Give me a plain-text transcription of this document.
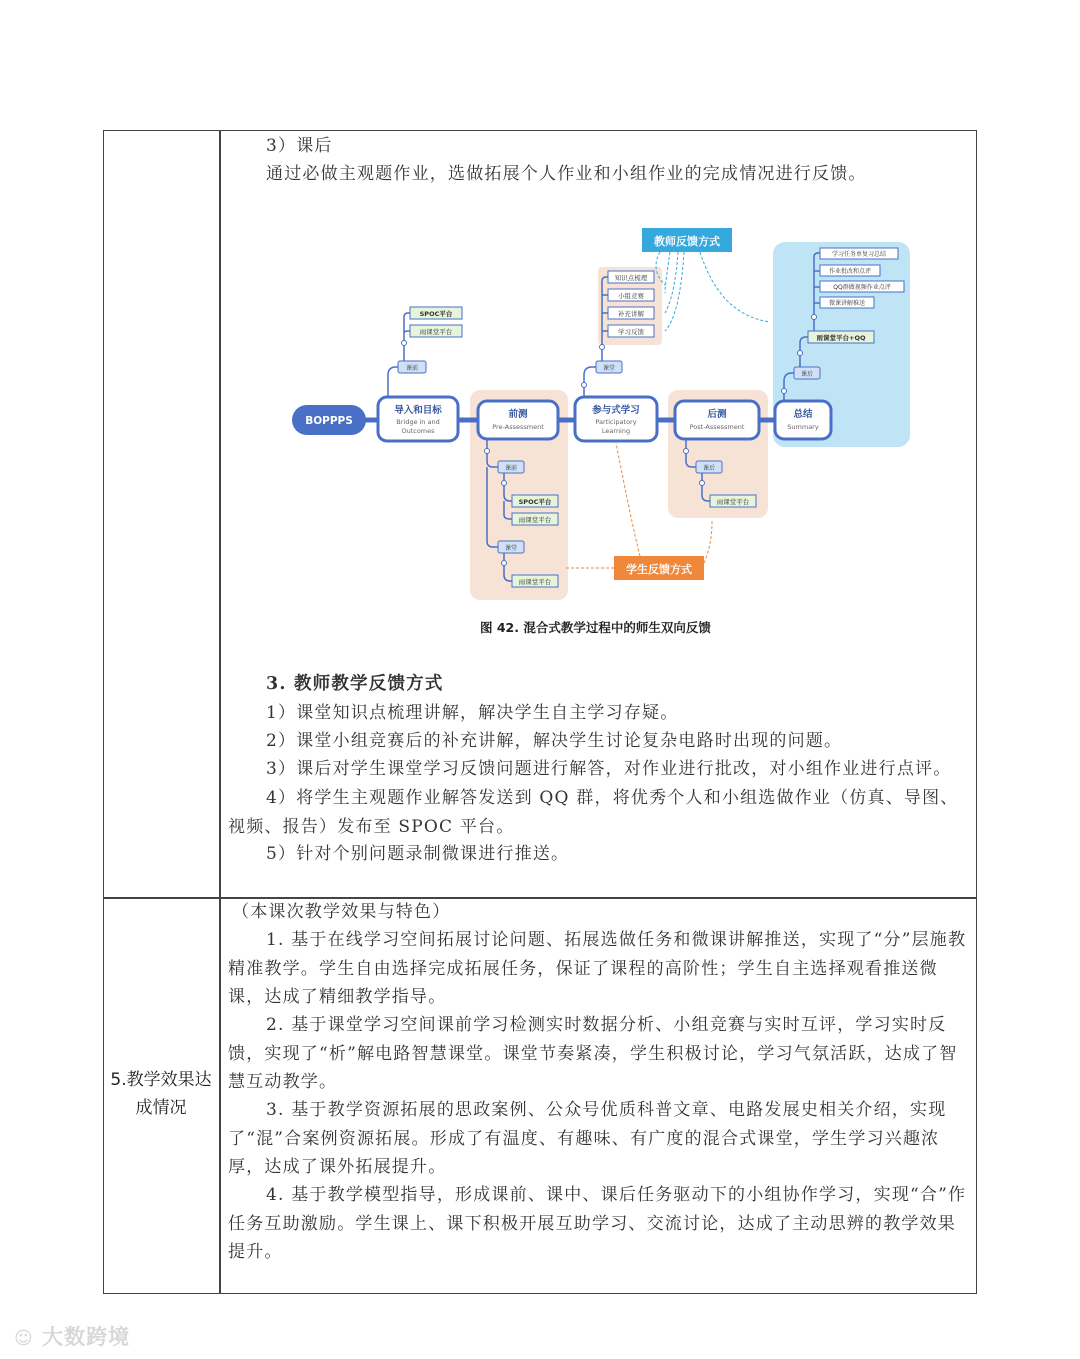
3）课后
通过必做主观题作业，选做拓展个人作业和小组作业的完成情况进行反馈。
BOPPPS
导入和目标
Bridge in and
Outcomes
前测
Pre-Assessment
参与式学习
Participatory
Learning
后测
Post-Assessment
总结
Summary
课前
SPOC平台
雨课堂平台
课前
SPOC平台
雨课堂平台
课堂
雨课堂平台
课堂
知识点梳理
小组竞赛
补充讲解
学习反馈
课后
雨课堂平台
课后
雨课堂平台+QQ
学习任务单复习总结
作业批改和点评
QQ群做视频作业点评
微课讲解推送
教师反馈方式
学生反馈方式
图 42. 混合式教学过程中的师生双向反馈
3. 教师教学反馈方式
1）课堂知识点梳理讲解，解决学生自主学习存疑。
2）课堂小组竞赛后的补充讲解，解决学生讨论复杂电路时出现的问题。
3）课后对学生课堂学习反馈问题进行解答，对作业进行批改，对小组作业进行点评。
4）将学生主观题作业解答发送到 QQ 群，将优秀个人和小组选做作业（仿真、导图、视频、报告）发布至 SPOC 平台。
5）针对个别问题录制微课进行推送。
5.教学效果达成情况
（本课次教学效果与特色）
1. 基于在线学习空间拓展讨论问题、拓展选做任务和微课讲解推送，实现了“分”层施教精准教学。学生自由选择完成拓展任务，保证了课程的高阶性；学生自主选择观看推送微课，达成了精细教学指导。
2. 基于课堂学习空间课前学习检测实时数据分析、小组竞赛与实时互评，学习实时反馈，实现了“析”解电路智慧课堂。课堂节奏紧凑，学生积极讨论，学习气氛活跃，达成了智慧互动教学。
3. 基于教学资源拓展的思政案例、公众号优质科普文章、电路发展史相关介绍，实现了“混”合案例资源拓展。形成了有温度、有趣味、有广度的混合式课堂，学生学习兴趣浓厚，达成了课外拓展提升。
4. 基于教学模型指导，形成课前、课中、课后任务驱动下的小组协作学习，实现“合”作任务互助激励。学生课上、课下积极开展互助学习、交流讨论，达成了主动思辨的教学效果提升。
☺︎ 大数跨境
